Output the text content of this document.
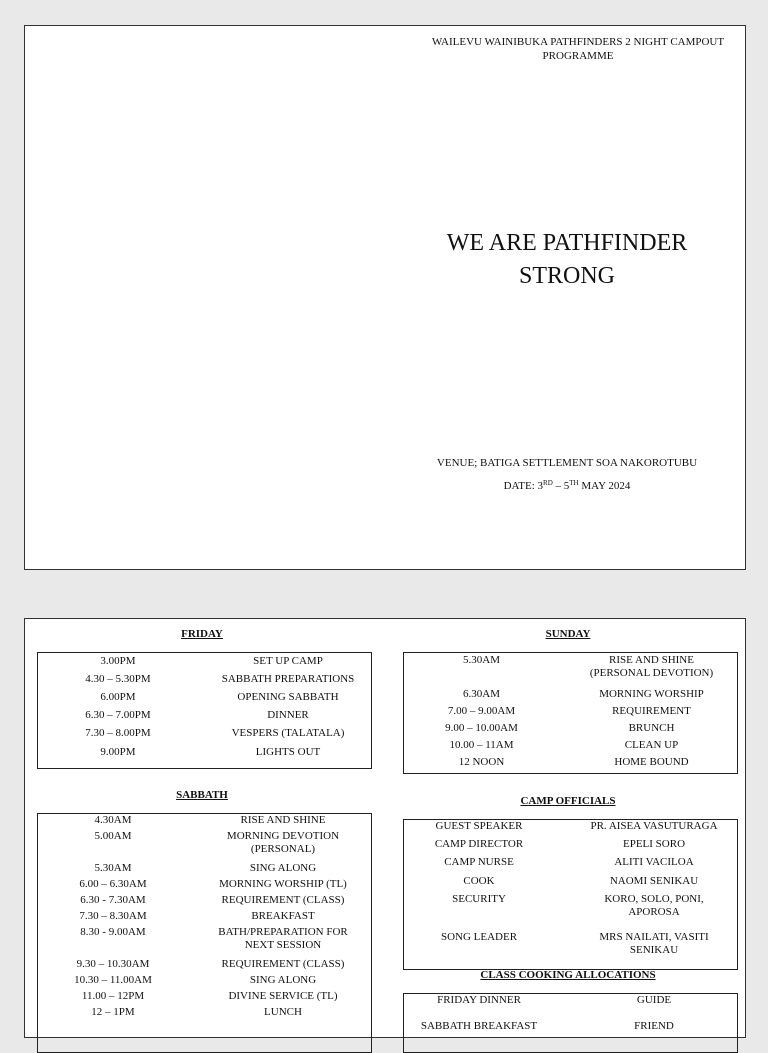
WAILEVU WAINIBUKA PATHFINDERS 2 NIGHT CAMPOUT
PROGRAMME
WE ARE PATHFINDER
STRONG
VENUE; BATIGA SETTLEMENT SOA NAKOROTUBU
DATE: 3RD – 5TH MAY 2024
FRIDAY
3.00PM	SET UP CAMP
4.30 – 5.30PM	SABBATH PREPARATIONS
6.00PM	OPENING SABBATH
6.30 – 7.00PM	DINNER
7.30 – 8.00PM	VESPERS (TALATALA)
9.00PM	LIGHTS OUT
SABBATH
4.30AM	RISE AND SHINE
5.00AM	MORNING DEVOTION
(PERSONAL)
5.30AM	SING ALONG
6.00 – 6.30AM	MORNING WORSHIP (TL)
6.30 - 7.30AM	REQUIREMENT (CLASS)
7.30 – 8.30AM	BREAKFAST
8.30 - 9.00AM	BATH/PREPARATION FOR
NEXT SESSION
9.30 – 10.30AM	REQUIREMENT (CLASS)
10.30 – 11.00AM	SING ALONG
11.00 – 12PM	DIVINE SERVICE (TL)
12 – 1PM	LUNCH
SUNDAY
5.30AM	RISE AND SHINE
(PERSONAL DEVOTION)
6.30AM	MORNING WORSHIP
7.00 – 9.00AM	REQUIREMENT
9.00 – 10.00AM	BRUNCH
10.00 – 11AM	CLEAN UP
12 NOON	HOME BOUND
CAMP OFFICIALS
GUEST SPEAKER	PR. AISEA VASUTURAGA
CAMP DIRECTOR	EPELI SORO
CAMP NURSE	ALITI VACILOA
COOK	NAOMI SENIKAU
SECURITY	KORO, SOLO, PONI,
APOROSA
SONG LEADER	MRS NAILATI, VASITI
SENIKAU
CLASS COOKING ALLOCATIONS
FRIDAY DINNER	GUIDE
SABBATH BREAKFAST	FRIEND
